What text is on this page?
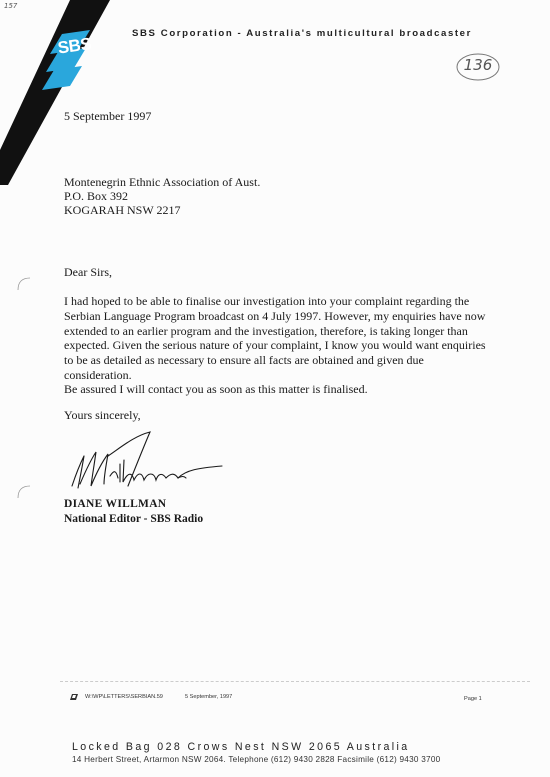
157
SBS
SBS Corporation - Australia's multicultural broadcaster
136
5 September 1997
Montenegrin Ethnic Association of Aust.
P.O. Box 392
KOGARAH NSW 2217
Dear Sirs,

I had hoped to be able to finalise our investigation into your complaint regarding the Serbian Language Program broadcast on 4 July 1997. However, my enquiries have now extended to an earlier program and the investigation, therefore, is taking longer than expected. Given the serious nature of your complaint, I know you would want enquiries to be as detailed as necessary to ensure all facts are obtained and given due consideration.

Be assured I will contact you as soon as this matter is finalised.

Yours sincerely,
DIANE WILLMAN
National Editor - SBS Radio
W:\WP\LETTERS\SERBIAN.59	5 September, 1997	Page 1
Locked Bag 028 Crows Nest NSW 2065 Australia
14 Herbert Street, Artarmon NSW 2064. Telephone (612) 9430 2828 Facsimile (612) 9430 3700
